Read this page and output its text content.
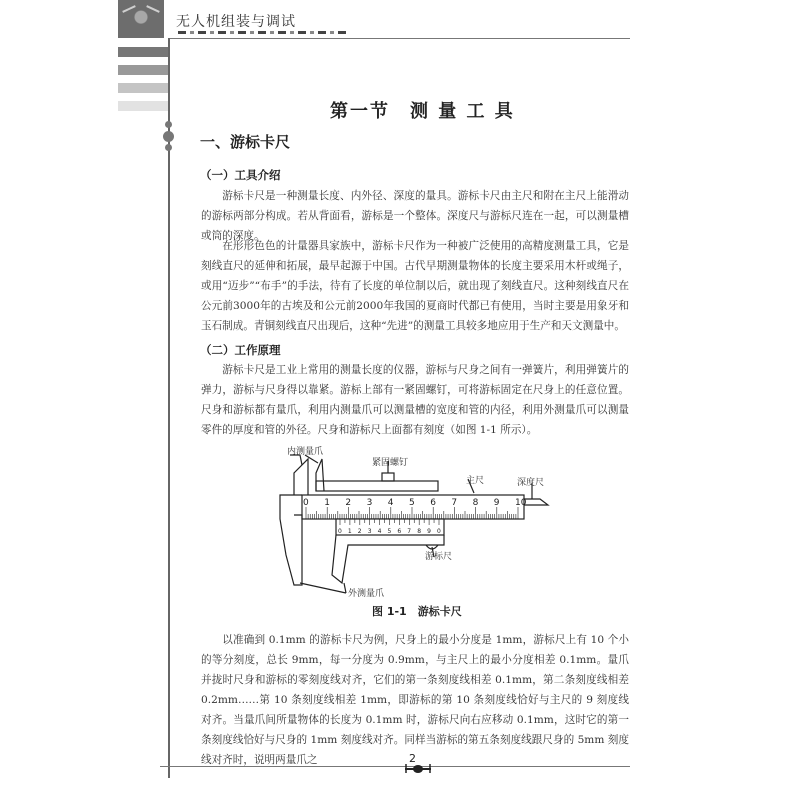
无人机组装与调试
第一节　测 量 工 具
一、游标卡尺
（一）工具介绍
游标卡尺是一种测量长度、内外径、深度的量具。游标卡尺由主尺和附在主尺上能滑动的游标两部分构成。若从背面看，游标是一个整体。深度尺与游标尺连在一起，可以测量槽或筒的深度。
在形形色色的计量器具家族中，游标卡尺作为一种被广泛使用的高精度测量工具，它是刻线直尺的延伸和拓展，最早起源于中国。古代早期测量物体的长度主要采用木杆或绳子，或用“迈步”“布手”的手法，待有了长度的单位制以后，就出现了刻线直尺。这种刻线直尺在公元前3000年的古埃及和公元前2000年我国的夏商时代都已有使用，当时主要是用象牙和玉石制成。青铜刻线直尺出现后，这种“先进”的测量工具较多地应用于生产和天文测量中。
（二）工作原理
游标卡尺是工业上常用的测量长度的仪器，游标与尺身之间有一弹簧片，利用弹簧片的弹力，游标与尺身得以靠紧。游标上部有一紧固螺钉，可将游标固定在尺身上的任意位置。尺身和游标都有量爪，利用内测量爪可以测量槽的宽度和管的内径，利用外测量爪可以测量零件的厚度和管的外径。尺身和游标尺上面都有刻度（如图 1-1 所示）。
0 1 2 3 4 5 6 7 8 9 10
0 1 2 3 4 5 6 7 8 9 0
内测量爪
紧固螺钉
主尺	深度尺
游标尺
外测量爪
图 1-1　游标卡尺
以准确到 0.1mm 的游标卡尺为例，尺身上的最小分度是 1mm，游标尺上有 10 个小的等分刻度，总长 9mm，每一分度为 0.9mm，与主尺上的最小分度相差 0.1mm。量爪并拢时尺身和游标的零刻度线对齐，它们的第一条刻度线相差 0.1mm，第二条刻度线相差 0.2mm……第 10 条刻度线相差 1mm，即游标的第 10 条刻度线恰好与主尺的 9 刻度线对齐。当量爪间所量物体的长度为 0.1mm 时，游标尺向右应移动 0.1mm，这时它的第一条刻度线恰好与尺身的 1mm 刻度线对齐。同样当游标的第五条刻度线跟尺身的 5mm 刻度线对齐时，说明两量爪之	2
